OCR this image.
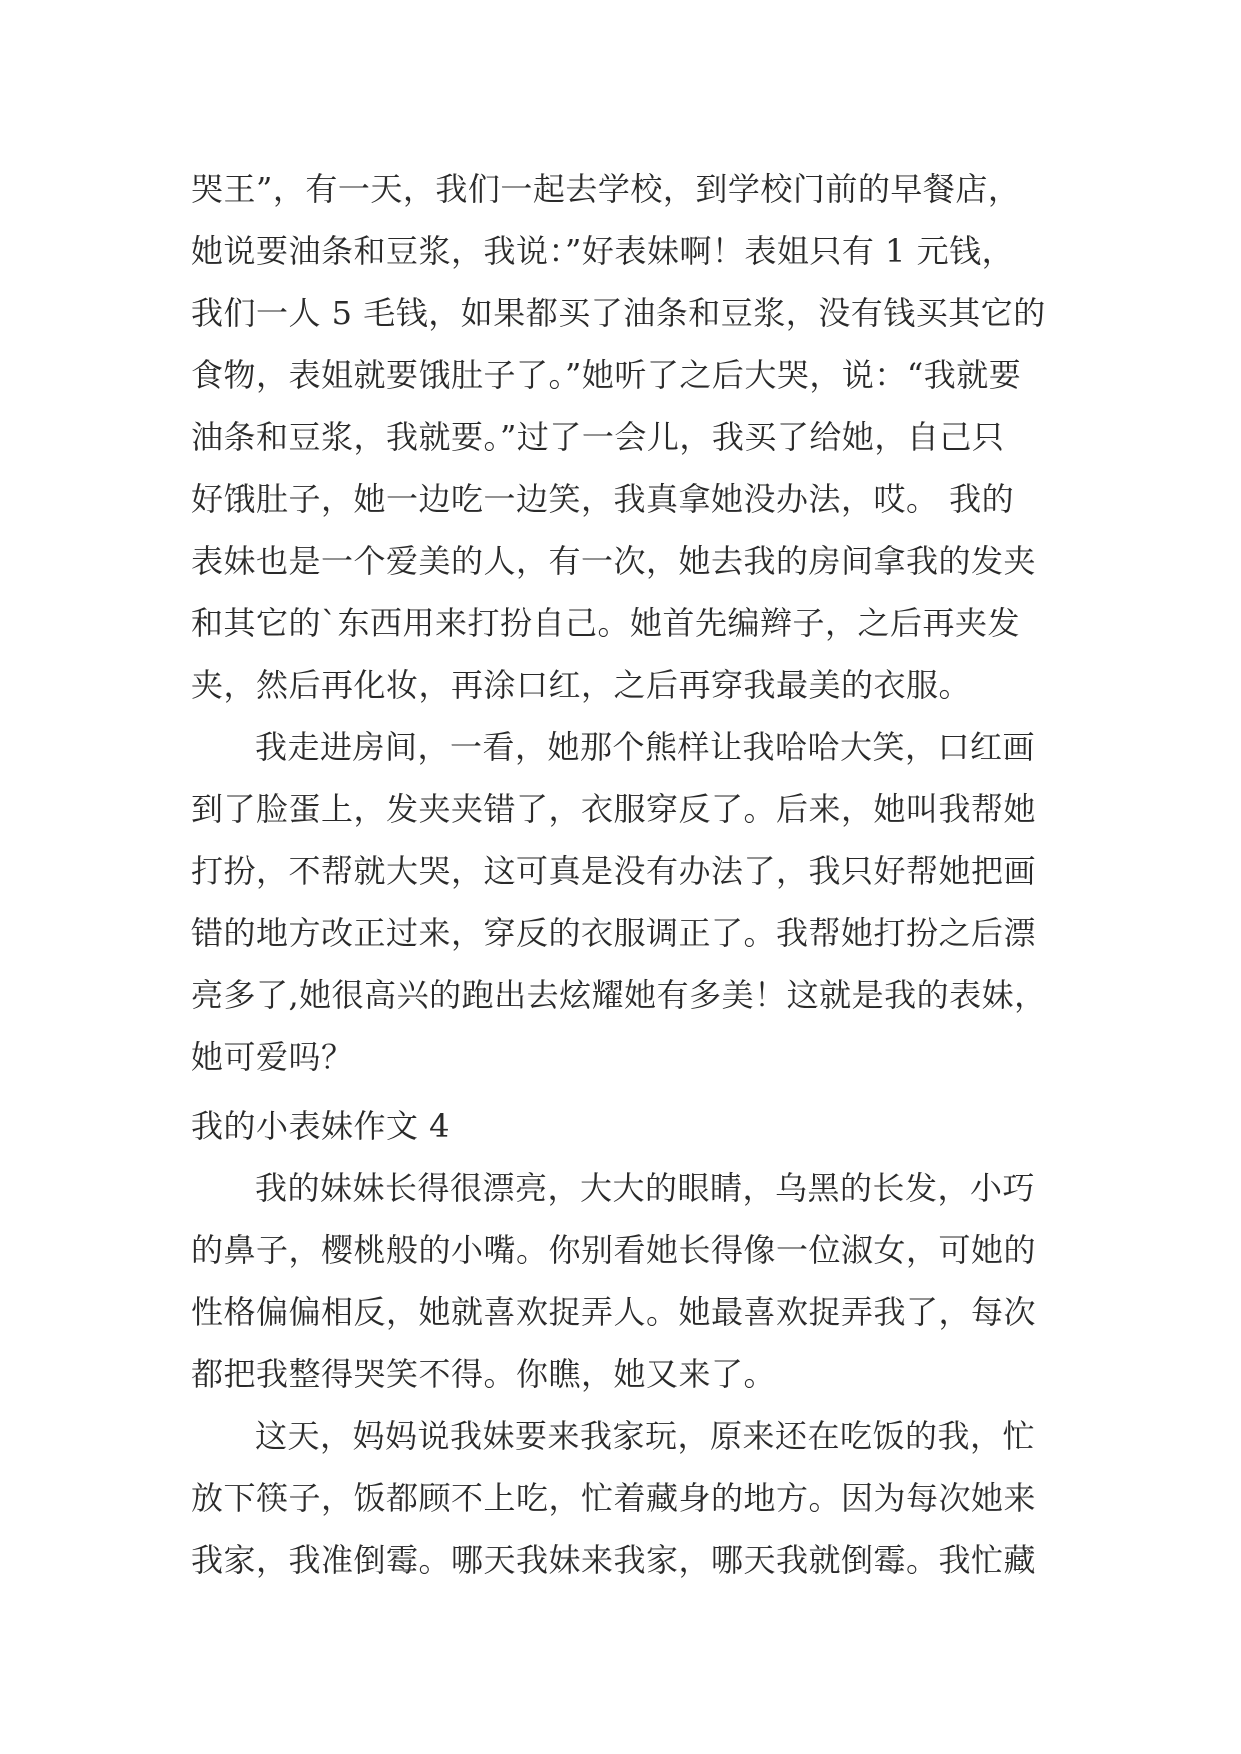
哭王”，有一天，我们一起去学校，到学校门前的早餐店，
她说要油条和豆浆，我说：”好表妹啊！表姐只有 1 元钱，
我们一人 5 毛钱，如果都买了油条和豆浆，没有钱买其它的
食物，表姐就要饿肚子了。”她听了之后大哭，说：“我就要
油条和豆浆，我就要。”过了一会儿，我买了给她，自己只
好饿肚子，她一边吃一边笑，我真拿她没办法，哎。 我的
表妹也是一个爱美的人，有一次，她去我的房间拿我的发夹
和其它的`东西用来打扮自己。她首先编辫子，之后再夹发
夹，然后再化妆，再涂口红，之后再穿我最美的衣服。
我走进房间，一看，她那个熊样让我哈哈大笑，口红画
到了脸蛋上，发夹夹错了，衣服穿反了。后来，她叫我帮她
打扮，不帮就大哭，这可真是没有办法了，我只好帮她把画
错的地方改正过来，穿反的衣服调正了。我帮她打扮之后漂
亮多了,她很高兴的跑出去炫耀她有多美！这就是我的表妹，
她可爱吗？
我的小表妹作文 4
我的妹妹长得很漂亮，大大的眼睛，乌黑的长发，小巧
的鼻子，樱桃般的小嘴。你别看她长得像一位淑女，可她的
性格偏偏相反，她就喜欢捉弄人。她最喜欢捉弄我了，每次
都把我整得哭笑不得。你瞧，她又来了。
这天，妈妈说我妹要来我家玩，原来还在吃饭的我，忙
放下筷子，饭都顾不上吃，忙着藏身的地方。因为每次她来
我家，我准倒霉。哪天我妹来我家，哪天我就倒霉。我忙藏
